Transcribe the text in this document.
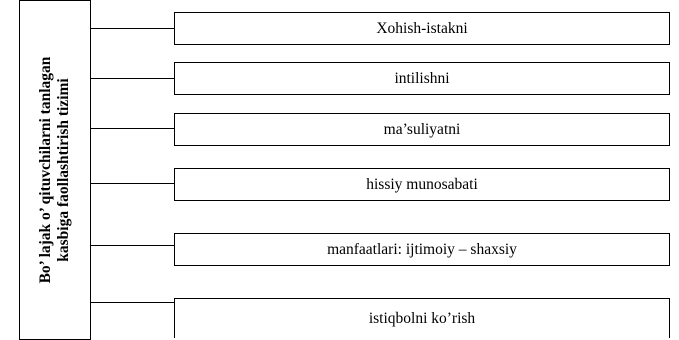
Bo’ lajak o’ qituvchilarni tanlagan kasbiga faollashtirish tizimi
Xohish-istakni
intilishni
ma’suliyatni
hissiy munosabati
manfaatlari: ijtimoiy – shaxsiy
istiqbolni ko’rish
